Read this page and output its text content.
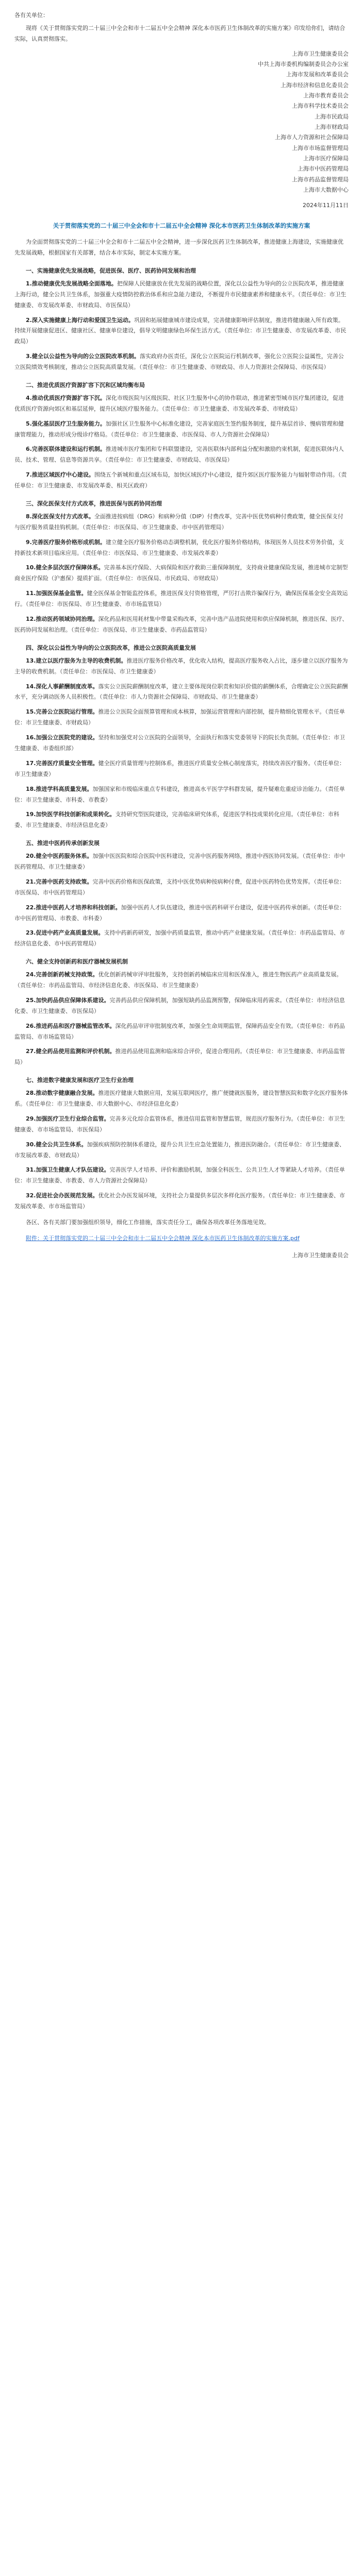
各有关单位：
现将《关于贯彻落实党的二十届三中全会和市十二届五中全会精神 深化本市医药卫生体制改革的实施方案》印发给你们，请结合实际，认真贯彻落实。
上海市卫生健康委员会
中共上海市委机构编制委员会办公室
上海市发展和改革委员会
上海市经济和信息化委员会
上海市教育委员会
上海市科学技术委员会
上海市民政局
上海市财政局
上海市人力资源和社会保障局
上海市市场监督管理局
上海市医疗保障局
上海市中医药管理局
上海市药品监督管理局
上海市大数据中心
2024年11月11日
关于贯彻落实党的二十届三中全会和市十二届五中全会精神 深化本市医药卫生体制改革的实施方案
为全面贯彻落实党的二十届三中全会和市十二届五中全会精神，进一步深化医药卫生体制改革，推进健康上海建设，实施健康优先发展战略，根据国家有关部署，结合本市实际，制定本实施方案。
一、实施健康优先发展战略，促进医保、医疗、医药协同发展和治理
1.推动健康优先发展战略全面落地。把保障人民健康放在优先发展的战略位置，深化以公益性为导向的公立医院改革，推进健康上海行动，健全公共卫生体系，加强重大疫情防控救治体系和应急能力建设，不断提升市民健康素养和健康水平。（责任单位：市卫生健康委、市发展改革委、市财政局、市医保局）
2.深入实施健康上海行动和爱国卫生运动。巩固和拓展健康城市建设成果，完善健康影响评估制度，推进将健康融入所有政策。持续开展健康促进区、健康社区、健康单位建设，倡导文明健康绿色环保生活方式。（责任单位：市卫生健康委、市发展改革委、市民政局）
3.健全以公益性为导向的公立医院改革机制。落实政府办医责任，深化公立医院运行机制改革，强化公立医院公益属性，完善公立医院绩效考核制度，推动公立医院高质量发展。（责任单位：市卫生健康委、市财政局、市人力资源社会保障局、市医保局）
二、推进优质医疗资源扩容下沉和区域均衡布局
4.推动优质医疗资源扩容下沉。深化市级医院与区级医院、社区卫生服务中心的协作联动，推进紧密型城市医疗集团建设，促进优质医疗资源向郊区和基层延伸，提升区域医疗服务能力。（责任单位：市卫生健康委、市发展改革委、市财政局）
5.强化基层医疗卫生服务能力。加强社区卫生服务中心标准化建设，完善家庭医生签约服务制度，提升基层首诊、慢病管理和健康管理能力，推动形成分级诊疗格局。（责任单位：市卫生健康委、市医保局、市人力资源社会保障局）
6.完善医联体建设和运行机制。推进城市医疗集团和专科联盟建设，完善医联体内部利益分配和激励约束机制，促进医联体内人员、技术、管理、信息等资源共享。（责任单位：市卫生健康委、市财政局、市医保局）
7.推进区域医疗中心建设。围绕五个新城和重点区域布局，加快区域医疗中心建设，提升郊区医疗服务能力与辐射带动作用。（责任单位：市卫生健康委、市发展改革委、相关区政府）
三、深化医保支付方式改革，推进医保与医药协同治理
8.深化医保支付方式改革。全面推进按病组（DRG）和病种分值（DIP）付费改革，完善中医优势病种付费政策，健全医保支付与医疗服务质量挂钩机制。（责任单位：市医保局、市卫生健康委、市中医药管理局）
9.完善医疗服务价格形成机制。建立健全医疗服务价格动态调整机制，优化医疗服务价格结构，体现医务人员技术劳务价值，支持新技术新项目临床应用。（责任单位：市医保局、市卫生健康委、市发展改革委）
10.健全多层次医疗保障体系。完善基本医疗保险、大病保险和医疗救助三重保障制度，支持商业健康保险发展，推进城市定制型商业医疗保险（沪惠保）提质扩面。（责任单位：市医保局、市民政局、市财政局）
11.加强医保基金监管。健全医保基金智能监控体系，推进医保支付资格管理，严厉打击欺诈骗保行为，确保医保基金安全高效运行。（责任单位：市医保局、市卫生健康委、市市场监管局）
12.推动医药领域协同治理。深化药品和医用耗材集中带量采购改革，完善中选产品进院使用和供应保障机制，推进医保、医疗、医药协同发展和治理。（责任单位：市医保局、市卫生健康委、市药品监管局）
四、深化以公益性为导向的公立医院改革，推进公立医院高质量发展
13.建立以医疗服务为主导的收费机制。推进医疗服务价格改革，优化收入结构，提高医疗服务收入占比，逐步建立以医疗服务为主导的收费机制。（责任单位：市医保局、市卫生健康委）
14.深化人事薪酬制度改革。落实公立医院薪酬制度改革，建立主要体现岗位职责和知识价值的薪酬体系，合理确定公立医院薪酬水平，充分调动医务人员积极性。（责任单位：市人力资源社会保障局、市财政局、市卫生健康委）
15.完善公立医院运行管理。推进公立医院全面预算管理和成本核算，加强运营管理和内部控制，提升精细化管理水平。（责任单位：市卫生健康委、市财政局）
16.加强公立医院党的建设。坚持和加强党对公立医院的全面领导，全面执行和落实党委领导下的院长负责制。（责任单位：市卫生健康委、市委组织部）
17.完善医疗质量安全管理。健全医疗质量管理与控制体系，推进医疗质量安全核心制度落实，持续改善医疗服务。（责任单位：市卫生健康委）
18.推进学科高质量发展。加强国家和市级临床重点专科建设，推进高水平医学学科群发展，提升疑难危重症诊治能力。（责任单位：市卫生健康委、市科委、市教委）
19.加快医学科技创新和成果转化。支持研究型医院建设，完善临床研究体系，促进医学科技成果转化应用。（责任单位：市科委、市卫生健康委、市经济信息化委）
五、推进中医药传承创新发展
20.健全中医药服务体系。加强中医医院和综合医院中医科建设，完善中医药服务网络，推进中西医协同发展。（责任单位：市中医药管理局、市卫生健康委）
21.完善中医药支持政策。完善中医药价格和医保政策，支持中医优势病种按病种付费，促进中医药特色优势发挥。（责任单位：市医保局、市中医药管理局）
22.推进中医药人才培养和科技创新。加强中医药人才队伍建设，推进中医药科研平台建设，促进中医药传承创新。（责任单位：市中医药管理局、市教委、市科委）
23.促进中药产业高质量发展。支持中药新药研发，加强中药质量监管，推动中药产业健康发展。（责任单位：市药品监管局、市经济信息化委、市中医药管理局）
六、健全支持创新药和医疗器械发展机制
24.完善创新药械支持政策。优化创新药械审评审批服务，支持创新药械临床应用和医保准入，推进生物医药产业高质量发展。（责任单位：市药品监管局、市经济信息化委、市医保局、市卫生健康委）
25.加快药品供应保障体系建设。完善药品供应保障机制，加强短缺药品监测预警，保障临床用药需求。（责任单位：市经济信息化委、市卫生健康委、市医保局）
26.推进药品和医疗器械监管改革。深化药品审评审批制度改革，加强全生命周期监管，保障药品安全有效。（责任单位：市药品监管局、市市场监管局）
27.健全药品使用监测和评价机制。推进药品使用监测和临床综合评价，促进合理用药。（责任单位：市卫生健康委、市药品监管局）
七、推进数字健康发展和医疗卫生行业治理
28.推动数字健康融合发展。推进医疗健康大数据应用，发展互联网医疗，推广便捷就医服务，建设智慧医院和数字化医疗服务体系。（责任单位：市卫生健康委、市大数据中心、市经济信息化委）
29.加强医疗卫生行业综合监管。完善多元化综合监管体系，推进信用监管和智慧监管，规范医疗服务行为。（责任单位：市卫生健康委、市市场监管局、市医保局）
30.健全公共卫生体系。加强疾病预防控制体系建设，提升公共卫生应急处置能力，推进医防融合。（责任单位：市卫生健康委、市发展改革委、市财政局）
31.加强卫生健康人才队伍建设。完善医学人才培养、评价和激励机制，加强全科医生、公共卫生人才等紧缺人才培养。（责任单位：市卫生健康委、市教委、市人力资源社会保障局）
32.促进社会办医规范发展。优化社会办医发展环境，支持社会力量提供多层次多样化医疗服务。（责任单位：市卫生健康委、市发展改革委、市市场监管局）
各区、各有关部门要加强组织领导，细化工作措施，落实责任分工，确保各项改革任务落地见效。
附件：关于贯彻落实党的二十届三中全会和市十二届五中全会精神 深化本市医药卫生体制改革的实施方案.pdf
上海市卫生健康委员会
